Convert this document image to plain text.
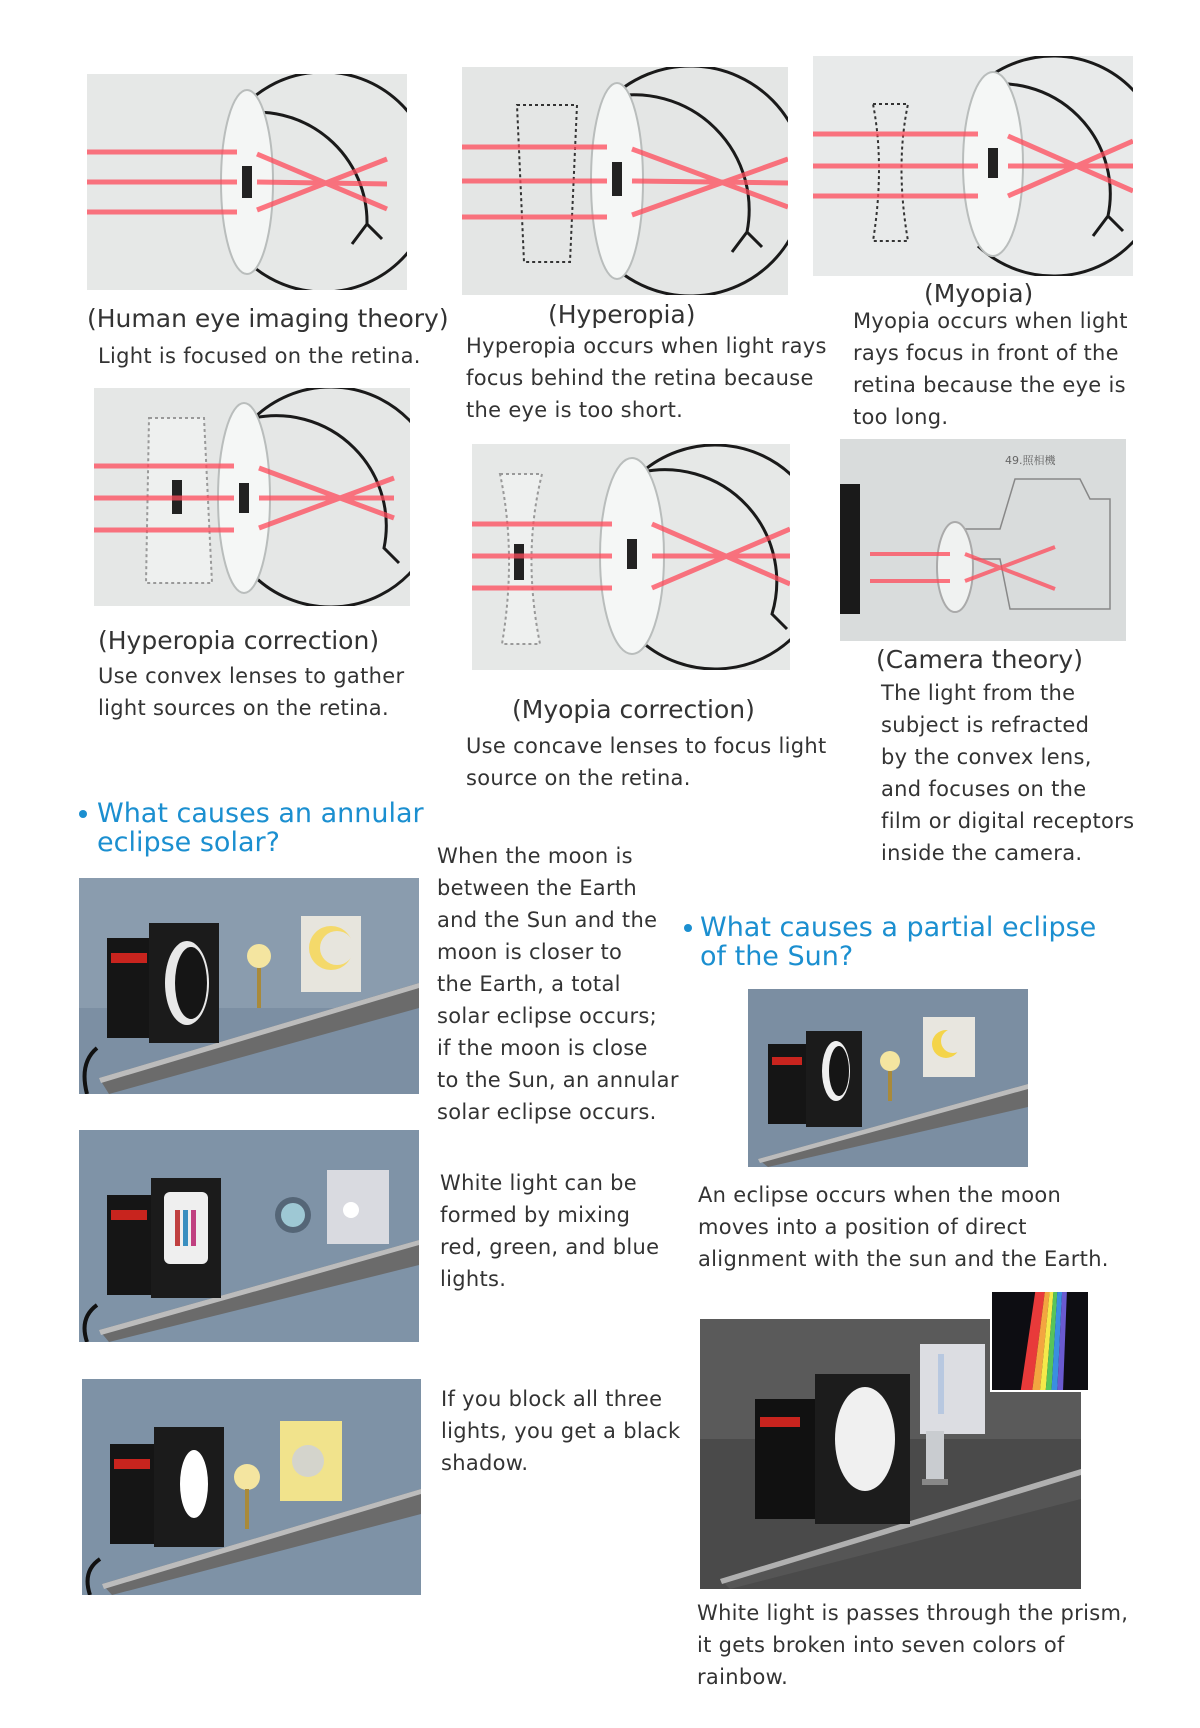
(Human eye imaging theory)
Light is focused on the retina.
(Hyperopia)
Hyperopia occurs when light rays
focus behind the retina because
the eye is too short.
(Myopia)
Myopia occurs when light
rays focus in front of the
retina because the eye is
too long.
49.照相機
(Hyperopia correction)
Use convex lenses to gather
light sources on the retina.	(Myopia correction)
Use concave lenses to focus light
source on the retina.
(Camera theory)
The light from the
subject is refracted
by the convex lens,
and focuses on the
film or digital receptors
inside the camera.
What causes an annular
eclipse solar?	When the moon is
between the Earth
and the Sun and the
moon is closer to
the Earth, a total
solar eclipse occurs;
if the moon is close
to the Sun, an annular
solar eclipse occurs.
White light can be
formed by mixing
red, green, and blue
lights.
If you block all three
lights, you get a black
shadow.
What causes a partial eclipse
of the Sun?
An eclipse occurs when the moon
moves into a position of direct
alignment with the sun and the Earth.
White light is passes through the prism,
it gets broken into seven colors of
rainbow.
